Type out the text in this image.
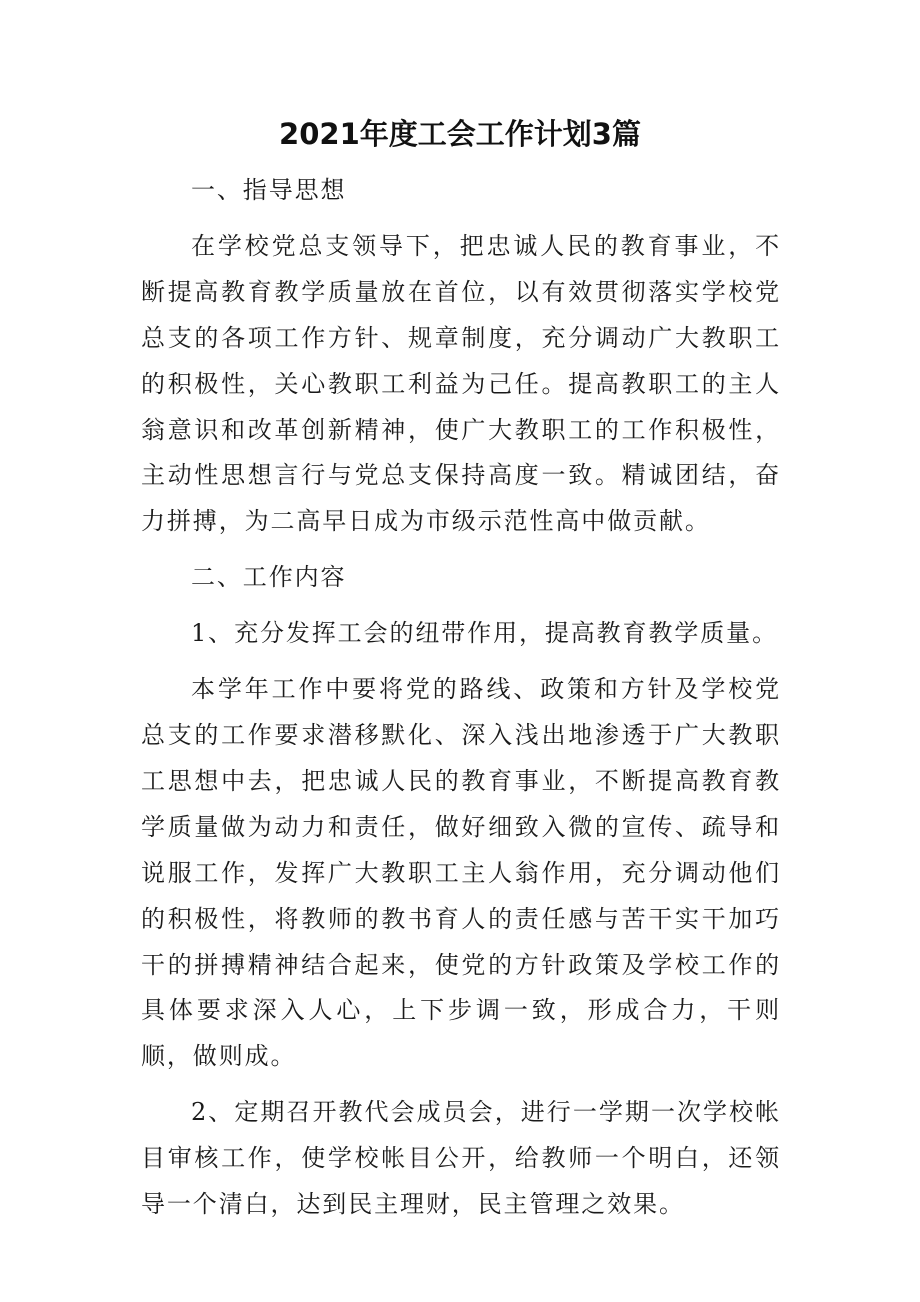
2021年度工会工作计划3篇

一、指导思想

在学校党总支领导下，把忠诚人民的教育事业，不断提高教育教学质量放在首位，以有效贯彻落实学校党总支的各项工作方针、规章制度，充分调动广大教职工的积极性，关心教职工利益为己任。提高教职工的主人翁意识和改革创新精神，使广大教职工的工作积极性，主动性思想言行与党总支保持高度一致。精诚团结，奋力拼搏，为二高早日成为市级示范性高中做贡献。

二、工作内容

1、充分发挥工会的纽带作用，提高教育教学质量。

本学年工作中要将党的路线、政策和方针及学校党总支的工作要求潜移默化、深入浅出地渗透于广大教职工思想中去，把忠诚人民的教育事业，不断提高教育教学质量做为动力和责任，做好细致入微的宣传、疏导和说服工作，发挥广大教职工主人翁作用，充分调动他们的积极性，将教师的教书育人的责任感与苦干实干加巧干的拼搏精神结合起来，使党的方针政策及学校工作的具体要求深入人心，上下步调一致，形成合力，干则顺，做则成。

2、定期召开教代会成员会，进行一学期一次学校帐目审核工作，使学校帐目公开，给教师一个明白，还领导一个清白，达到民主理财，民主管理之效果。
